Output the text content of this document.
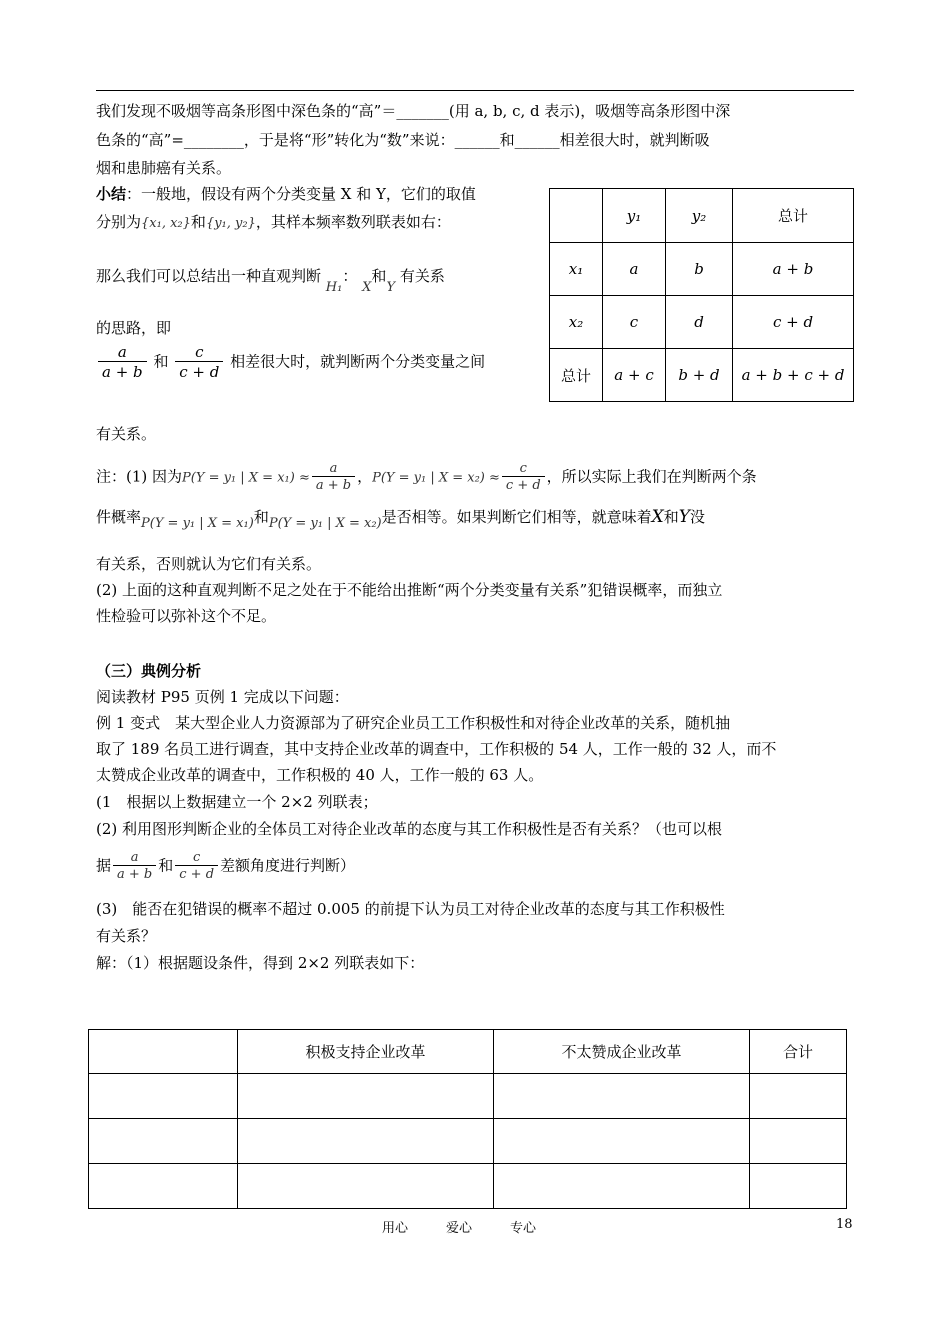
我们发现不吸烟等高条形图中深色条的“高”＝_______(用 a, b, c, d 表示)，吸烟等高条形图中深
色条的“高”=________，于是将“形”转化为“数”来说：______和______相差很大时，就判断吸
烟和患肺癌有关系。
小结：一般地，假设有两个分类变量 X 和 Y，它们的取值
分别为{x₁, x₂}和{y₁, y₂}，其样本频率数列联表如右：
那么我们可以总结出一种直观判断 H₁： X和Y 有关系
的思路，即
$\frac{a}{a + b}$ 和 $\frac{c}{c + d}$ 相差很大时，就判断两个分类变量之间
有关系。
	y₁	y₂	总计
x₁	a	b	a + b
x₂	c	d	c + d
总计	a + c	b + d	a + b + c + d
注：(1) 因为P(Y = y₁ | $X = x_1) \approx \frac{a}{a + b}$ ，P(Y = y₁ | $X = x_2) \approx \frac{c}{c + d}$ ，所以实际上我们在判断两个条
件概率P(Y = y₁ | X = x₁)和P(Y = y₁ | X = x₂)是否相等。如果判断它们相等，就意味着X和Y没
有关系，否则就认为它们有关系。
(2) 上面的这种直观判断不足之处在于不能给出推断“两个分类变量有关系”犯错误概率，而独立
性检验可以弥补这个不足。
（三）典例分析
阅读教材 P95 页例 1 完成以下问题：
例 1 变式　某大型企业人力资源部为了研究企业员工工作积极性和对待企业改革的关系，随机抽
取了 189 名员工进行调查，其中支持企业改革的调查中，工作积极的 54 人，工作一般的 32 人，而不
太赞成企业改革的调查中，工作积极的 40 人，工作一般的 63 人。
(1　根据以上数据建立一个 2×2 列联表；
(2) 利用图形判断企业的全体员工对待企业改革的态度与其工作积极性是否有关系？（也可以根
据 $\frac{a}{a + b}$ 和 $\frac{c}{c + d}$ 差额角度进行判断）
(3)　能否在犯错误的概率不超过 0.005 的前提下认为员工对待企业改革的态度与其工作积极性
有关系？
解：（1）根据题设条件，得到 2×2 列联表如下：
	积极支持企业改革	不太赞成企业改革	合计

用心	爱心	专心	18
